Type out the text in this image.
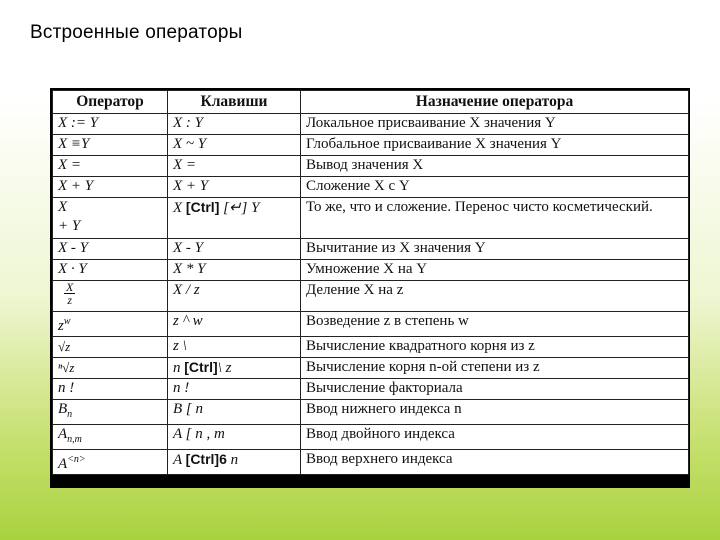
Встроенные операторы
Оператор	Клавиши	Назначение оператора
X := Y	X : Y	Локальное присваивание X значения Y
X ≡Y	X ~ Y	Глобальное присваивание X значения Y
X =	X =	Вывод значения X
X + Y	X + Y	Сложение X с Y

X
+ Y	X [Ctrl] [↵] Y	То же, что и сложение. Перенос чисто косметический.
X - Y	X - Y	Вычитание из X значения Y
X · Y	X * Y	Умножение X на Y

$\frac{X}{z}$	X / z	Деление X на z
$z^w$	z ^ w	Возведение z в степень w
√z	z \	Вычисление квадратного корня из z
ⁿ√z	n [Ctrl]\ z	Вычисление корня n-ой степени из z
n !	n !	Вычисление факториала
$B_n$	B [ n	Ввод нижнего индекса n
$A_{n,m}$	A [ n , m	Ввод двойного индекса
$A^{<n>}$	A [Ctrl]6 n	Ввод верхнего индекса
